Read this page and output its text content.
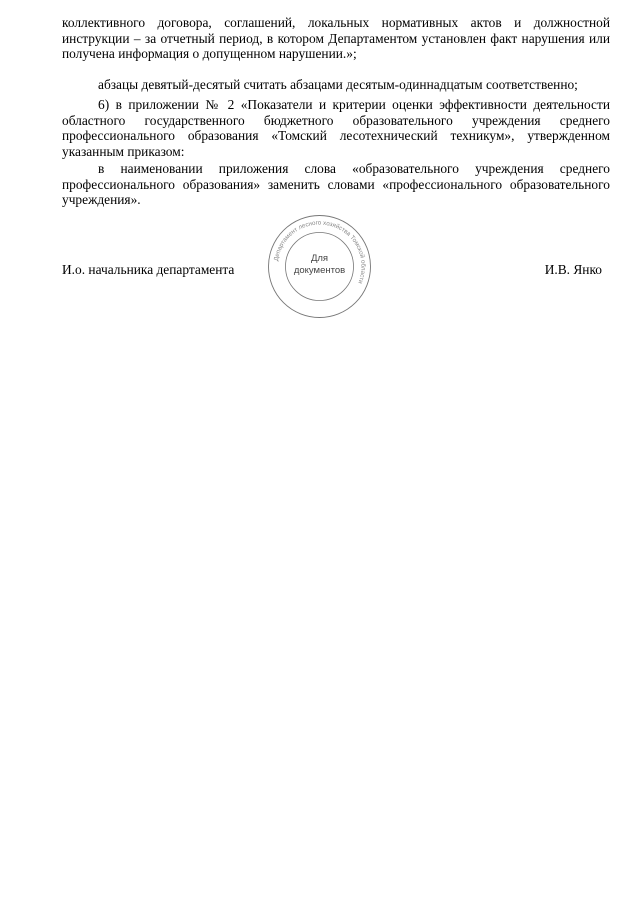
коллективного договора, соглашений, локальных нормативных актов и должностной инструкции – за отчетный период, в котором Департаментом установлен факт нарушения или получена информация о допущенном нарушении.»;
абзацы девятый-десятый считать абзацами десятым-одиннадцатым соответственно;
6) в приложении № 2 «Показатели и критерии оценки эффективности деятельности областного государственного бюджетного образовательного учреждения среднего профессионального образования «Томский лесотехнический техникум», утвержденном указанным приказом:
в наименовании приложения слова «образовательного учреждения среднего профессионального образования» заменить словами «профессионального образовательного учреждения».
И.о. начальника департамента	И.В. Янко
Департамент лесного хозяйства Томской области
Для
документов
